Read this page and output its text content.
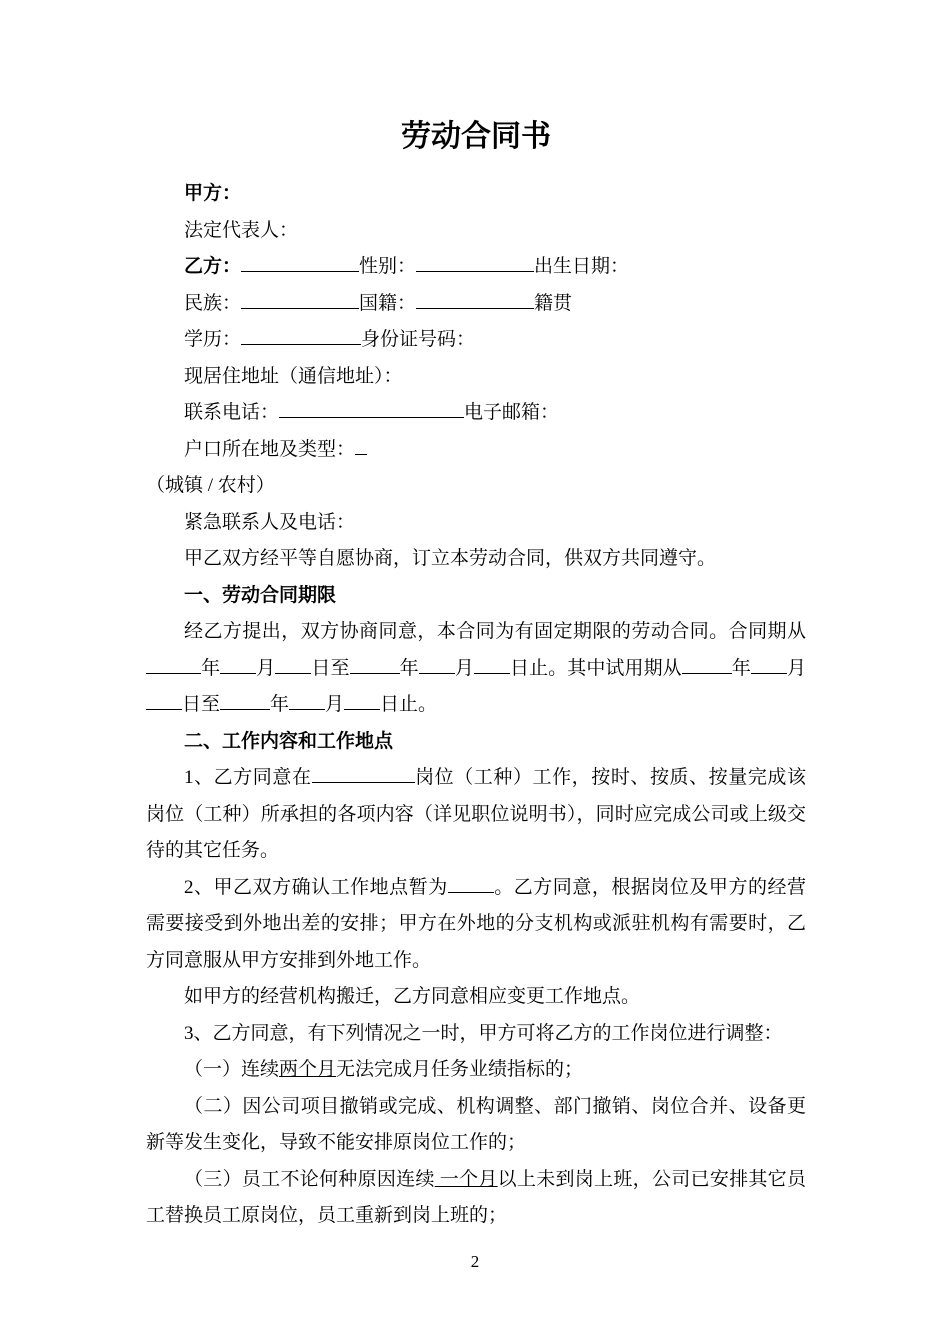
劳动合同书

甲方：

法定代表人：

乙方：	性别：	出生日期：

民族：	国籍：	籍贯

学历：	身份证号码：

现居住地址（通信地址）：

联系电话：	电子邮箱：

户口所在地及类型：

（城镇 / 农村）

紧急联系人及电话：

甲乙双方经平等自愿协商，订立本劳动合同，供双方共同遵守。

一、劳动合同期限

经乙方提出，双方协商同意，本合同为有固定期限的劳动合同。合同期从年 月 日至	年 月 日止。其中试用期从	年 月日至	年 月 日止。

二、工作内容和工作地点

1、乙方同意在	岗位（工种）工作，按时、按质、按量完成该岗位（工种）所承担的各项内容（详见职位说明书），同时应完成公司或上级交待的其它任务。

2、甲乙双方确认工作地点暂为 。乙方同意，根据岗位及甲方的经营需要接受到外地出差的安排；甲方在外地的分支机构或派驻机构有需要时，乙方同意服从甲方安排到外地工作。

如甲方的经营机构搬迁，乙方同意相应变更工作地点。

3、乙方同意，有下列情况之一时，甲方可将乙方的工作岗位进行调整：

（一）连续两个月无法完成月任务业绩指标的；

（二）因公司项目撤销或完成、机构调整、部门撤销、岗位合并、设备更新等发生变化，导致不能安排原岗位工作的；

（三）员工不论何种原因连续 一个月以上未到岗上班，公司已安排其它员工替换员工原岗位，员工重新到岗上班的；

2
